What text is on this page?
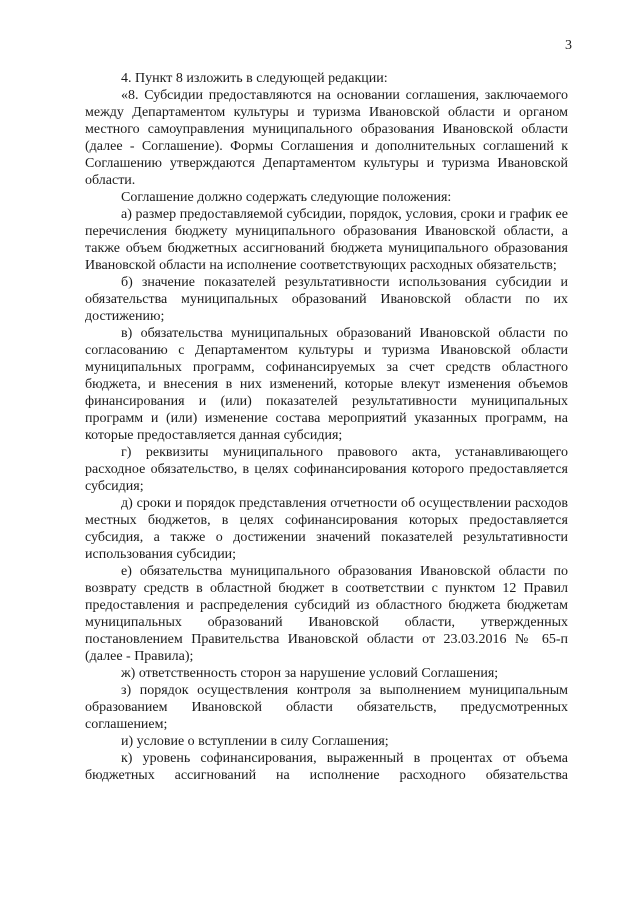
3

4. Пункт 8 изложить в следующей редакции:

«8. Субсидии предоставляются на основании соглашения, заключаемого между Департаментом культуры и туризма Ивановской области и органом местного самоуправления муниципального образования Ивановской области (далее - Соглашение). Формы Соглашения и дополнительных соглашений к Соглашению утверждаются Департаментом культуры и туризма Ивановской области.

Соглашение должно содержать следующие положения:

а) размер предоставляемой субсидии, порядок, условия, сроки и график ее перечисления бюджету муниципального образования Ивановской области, а также объем бюджетных ассигнований бюджета муниципального образования Ивановской области на исполнение соответствующих расходных обязательств;

б) значение показателей результативности использования субсидии и обязательства муниципальных образований Ивановской области по их достижению;

в) обязательства муниципальных образований Ивановской области по согласованию с Департаментом культуры и туризма Ивановской области муниципальных программ, софинансируемых за счет средств областного бюджета, и внесения в них изменений, которые влекут изменения объемов финансирования и (или) показателей результативности муниципальных программ и (или) изменение состава мероприятий указанных программ, на которые предоставляется данная субсидия;

г) реквизиты муниципального правового акта, устанавливающего расходное обязательство, в целях софинансирования которого предоставляется субсидия;

д) сроки и порядок представления отчетности об осуществлении расходов местных бюджетов, в целях софинансирования которых предоставляется субсидия, а также о достижении значений показателей результативности использования субсидии;

е) обязательства муниципального образования Ивановской области по возврату средств в областной бюджет в соответствии с пунктом 12 Правил предоставления и распределения субсидий из областного бюджета бюджетам муниципальных образований Ивановской области, утвержденных постановлением Правительства Ивановской области от 23.03.2016 № 65-п (далее - Правила);

ж) ответственность сторон за нарушение условий Соглашения;

з) порядок осуществления контроля за выполнением муниципальным образованием Ивановской области обязательств, предусмотренных соглашением;

и) условие о вступлении в силу Соглашения;

к) уровень софинансирования, выраженный в процентах от объема бюджетных ассигнований на исполнение расходного обязательства
